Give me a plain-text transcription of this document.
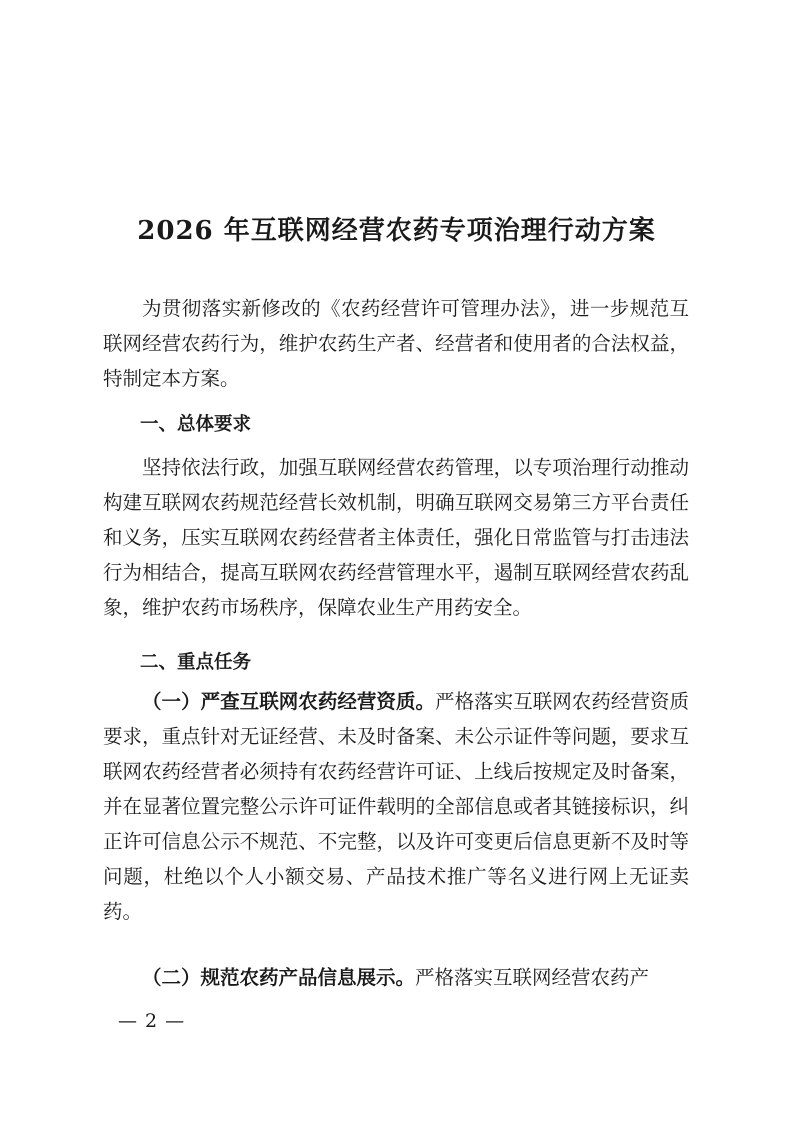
2026 年互联网经营农药专项治理行动方案

为贯彻落实新修改的《农药经营许可管理办法》，进一步规范互联网经营农药行为，维护农药生产者、经营者和使用者的合法权益，特制定本方案。

一、总体要求

坚持依法行政，加强互联网经营农药管理，以专项治理行动推动构建互联网农药规范经营长效机制，明确互联网交易第三方平台责任和义务，压实互联网农药经营者主体责任，强化日常监管与打击违法行为相结合，提高互联网农药经营管理水平，遏制互联网经营农药乱象，维护农药市场秩序，保障农业生产用药安全。

二、重点任务

（一）严查互联网农药经营资质。严格落实互联网农药经营资质要求，重点针对无证经营、未及时备案、未公示证件等问题，要求互联网农药经营者必须持有农药经营许可证、上线后按规定及时备案，并在显著位置完整公示许可证件载明的全部信息或者其链接标识，纠正许可信息公示不规范、不完整，以及许可变更后信息更新不及时等问题，杜绝以个人小额交易、产品技术推广等名义进行网上无证卖药。

（二）规范农药产品信息展示。严格落实互联网经营农药产

— 2 —
